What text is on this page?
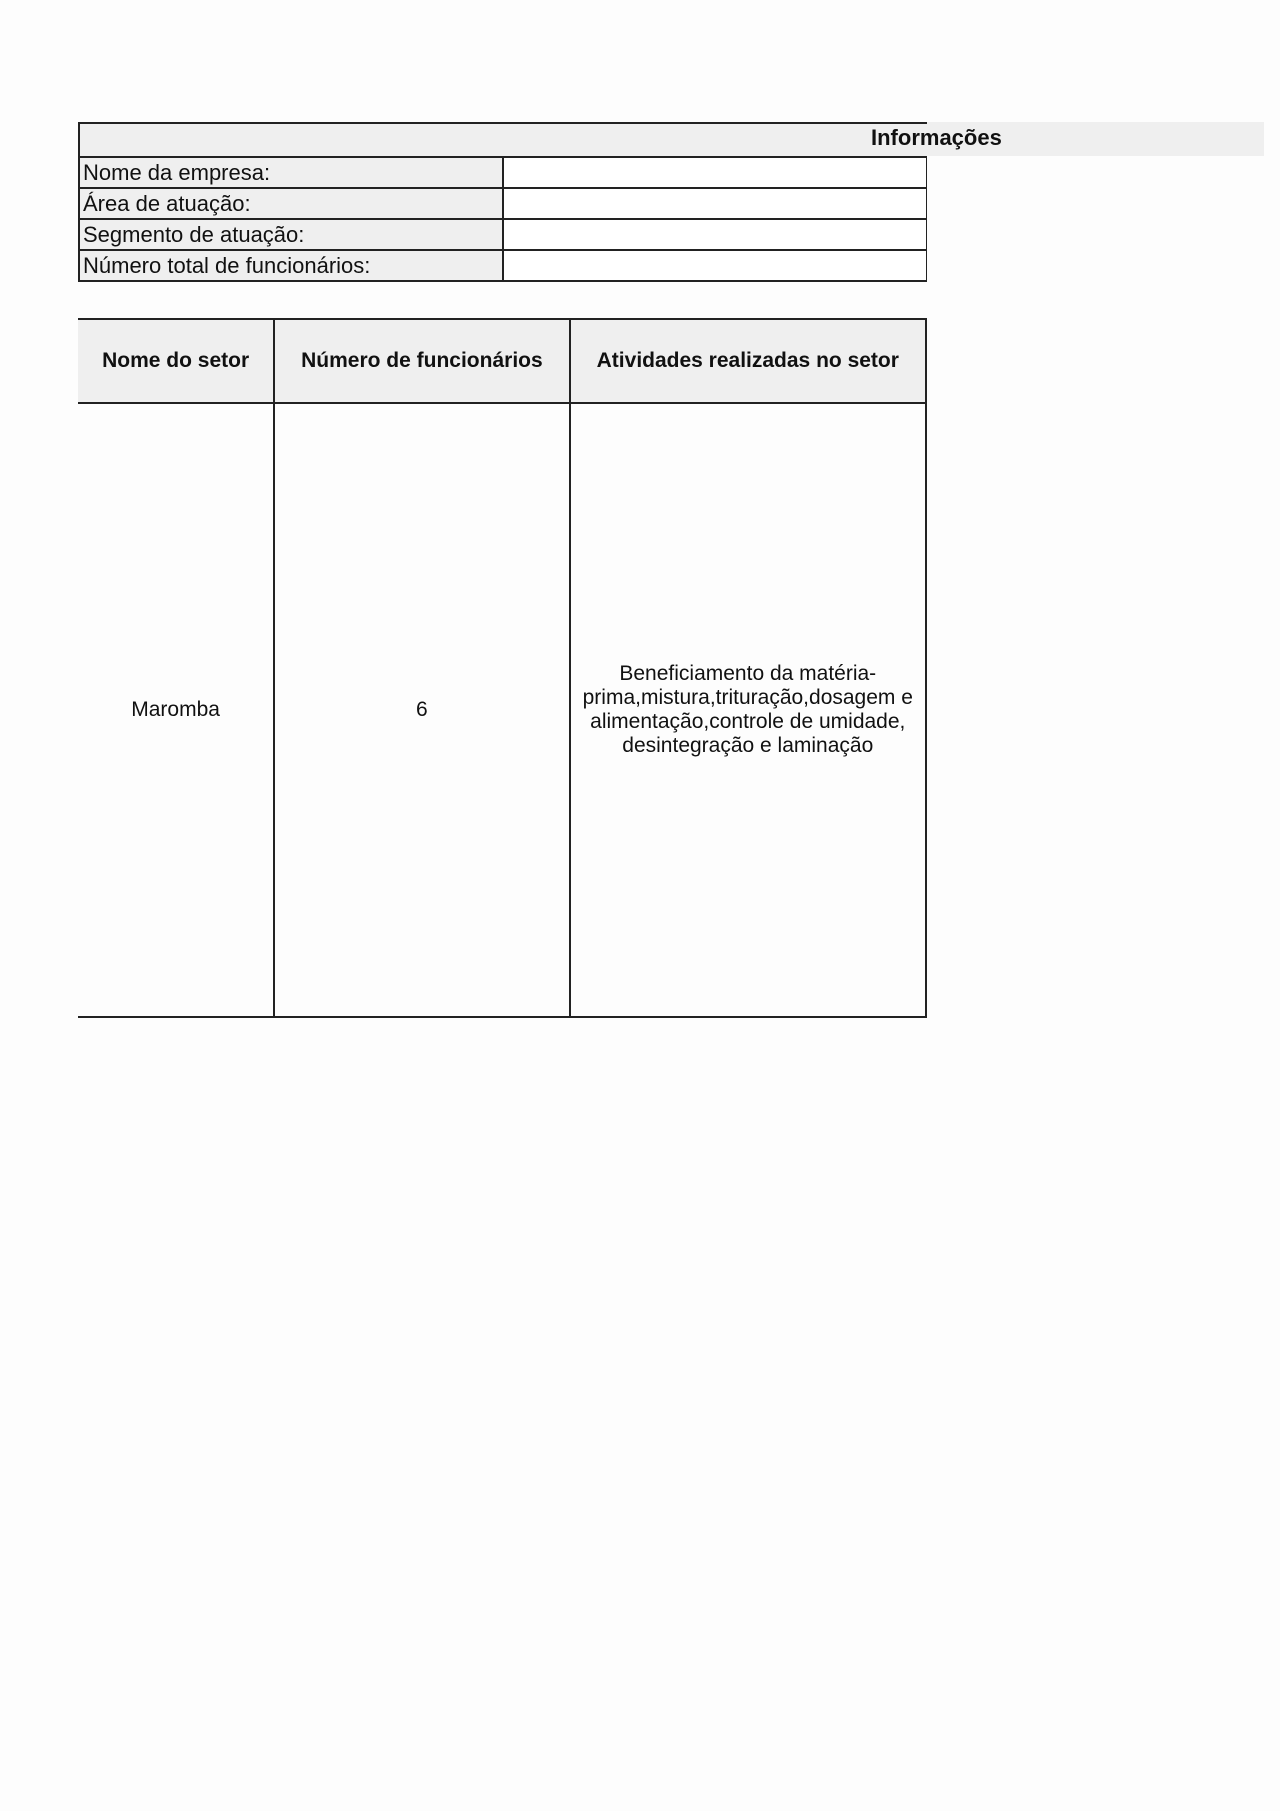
Nome da empresa:	
Área de atuação:	
Segmento de atuação:	
Número total de funcionários:	
Informações
Nome do setor	Número de funcionários	Atividades realizadas no setor
Maromba	6	Beneficiamento da matéria-prima,mistura,trituração,dosagem e alimentação,controle de umidade, desintegração e laminação
